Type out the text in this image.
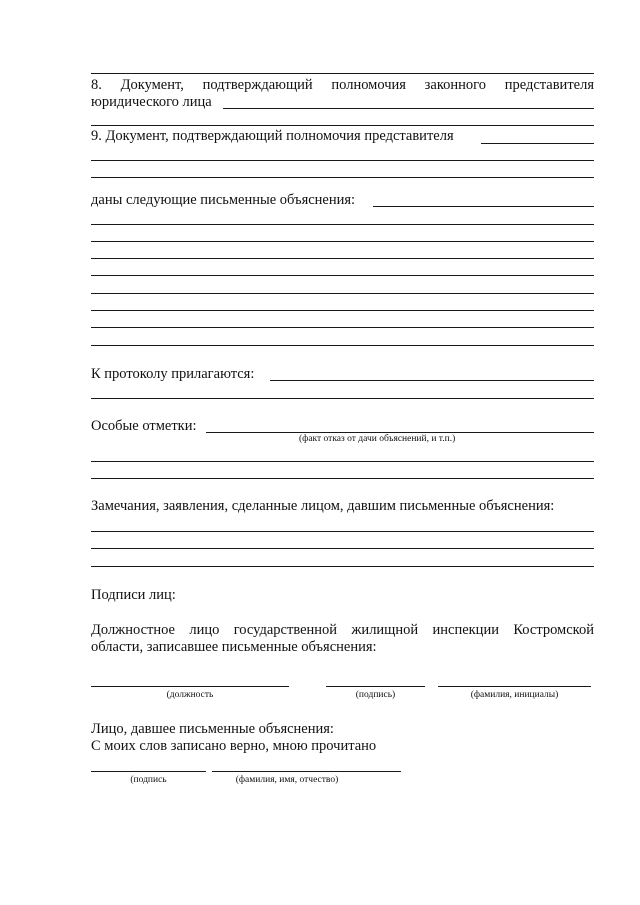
8. Документ, подтверждающий полномочия законного представителя
юридического лица
9. Документ, подтверждающий полномочия представителя
даны следующие письменные объяснения:
К протоколу прилагаются:
Особые отметки:
(факт отказ от дачи объяснений, и т.п.)
Замечания, заявления, сделанные лицом, давшим письменные объяснения:
Подписи лиц:
Должностное лицо государственной жилищной инспекции Костромской
области, записавшее письменные объяснения:
(должность	(подпись)	(фамилия, инициалы)
Лицо, давшее письменные объяснения:
С моих слов записано верно, мною прочитано
(подпись	(фамилия, имя, отчество)
